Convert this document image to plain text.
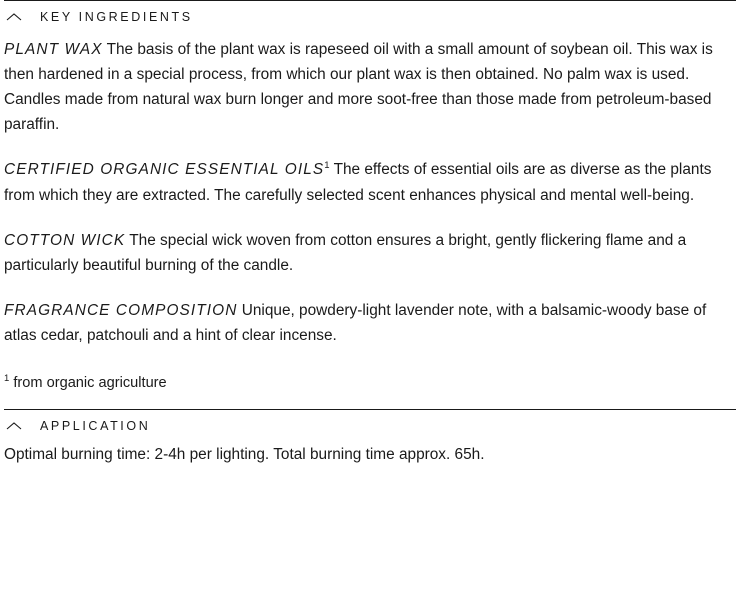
KEY INGREDIENTS

PLANT WAX The basis of the plant wax is rapeseed oil with a small amount of soybean oil. This wax is then hardened in a special process, from which our plant wax is then obtained. No palm wax is used. Candles made from natural wax burn longer and more soot-free than those made from petroleum-based paraffin.

CERTIFIED ORGANIC ESSENTIAL OILS$^1$ The effects of essential oils are as diverse as the plants from which they are extracted. The carefully selected scent enhances physical and mental well-being.

COTTON WICK The special wick woven from cotton ensures a bright, gently flickering flame and a particularly beautiful burning of the candle.

FRAGRANCE COMPOSITION Unique, powdery-light lavender note, with a balsamic-woody base of atlas cedar, patchouli and a hint of clear incense.

$^1$ from organic agriculture

APPLICATION

Optimal burning time: 2-4h per lighting. Total burning time approx. 65h.
